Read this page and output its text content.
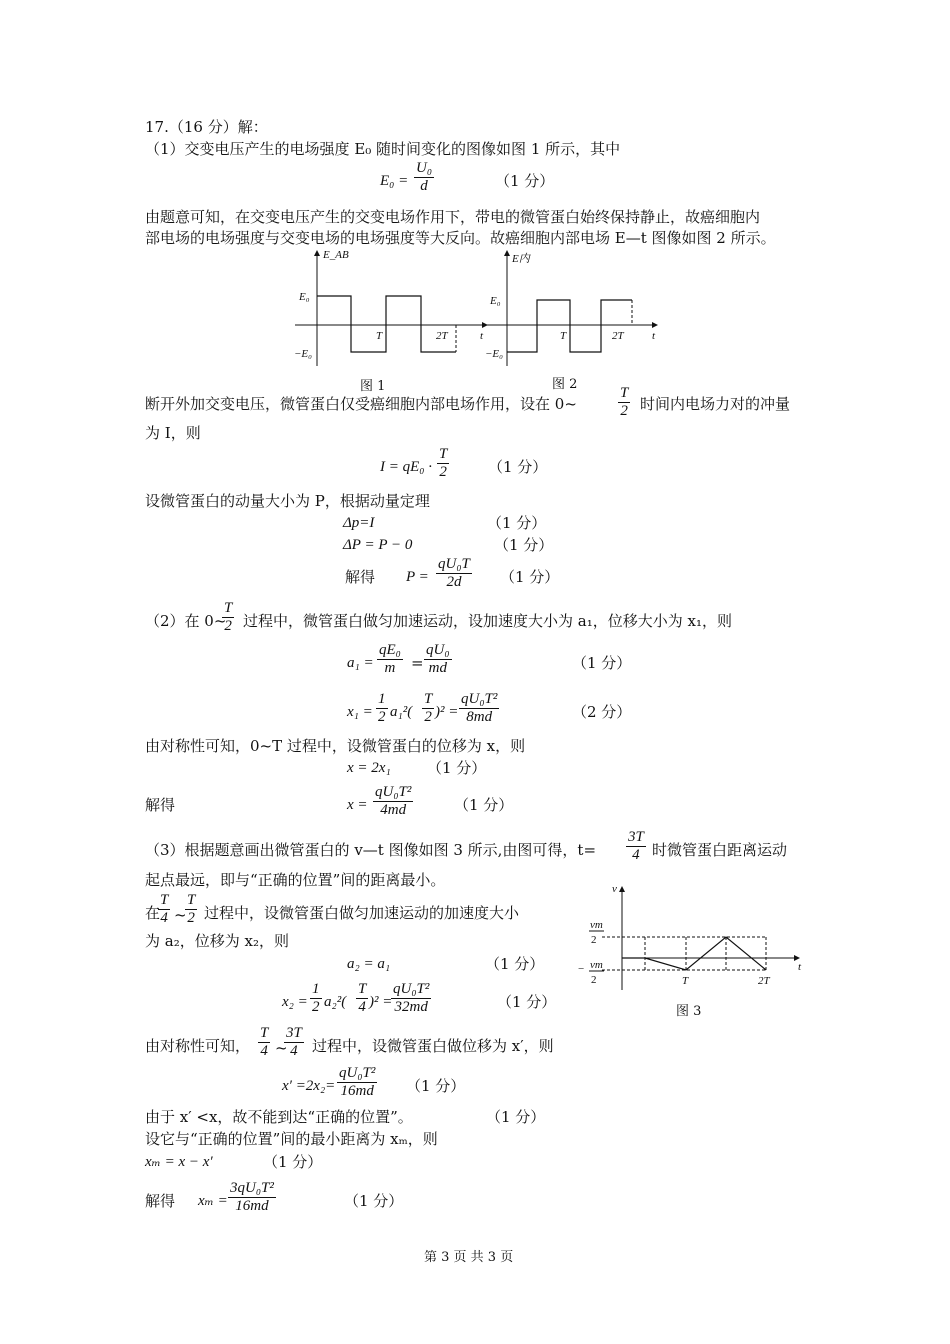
17.（16 分）解：
（1）交变电压产生的电场强度 E₀ 随时间变化的图像如图 1 所示，其中
$E_0 = \frac{\text{U₀}}{d}$	（1 分）
由题意可知，在交变电压产生的交变电场作用下，带电的微管蛋白始终保持静止，故癌细胞内
部电场的电场强度与交变电场的电场强度等大反向。故癌细胞内部电场 E—t 图像如图 2 所示。
E_AB
E₀
−E₀
T	2T	t
图 1
E内
E₀
−E₀
T	2T	t
图 2
断开外加交变电压，微管蛋白仅受癌细胞内部电场作用，设在 0~	$\frac{T}{2}$ 时间内电场力对的冲量
为 I，则
$I = qE_0 \cdot \frac{T}{2}$	（1 分）
设微管蛋白的动量大小为 P，根据动量定理
Δp=I	（1 分）
ΔP = P − 0	（1 分）
解得 $P = \frac{\text{qU₀T}}{2d} (1$ 分）
（2）在 0~
$\frac{T}{2}$ 过程中，微管蛋白做匀加速运动，设加速度大小为 a₁，位移大小为 x₁，则
$a_1 = \frac{\text{qE₀}}{m} = \frac{\text{qU₀}}{md}$	（1 分）
$x_1 = \frac{1}{2} a_1^2( \frac{T}{2} )^2 = \frac{\text{qU₀T²}}{8md}$	（2 分）
由对称性可知，0~T 过程中，设微管蛋白的位移为 x，则
x = 2x₁ （1 分）
解得	$x = \frac{\text{qU₀T²}}{4md}$	（1 分）
（3）根据题意画出微管蛋白的 v—t 图像如图 3 所示,由图可得，$t= \frac{3T}{4}$ 时微管蛋白距离运动
起点最远，即与“正确的位置”间的距离最小。
在
$\frac{T}{4}$ ~
$\frac{T}{2}$ 过程中，设微管蛋白做匀加速运动的加速度大小
为 a₂，位移为 x₂，则
a₂ = a₁	（1 分）
$x_2 = \frac{1}{2} a_2^2( \frac{T}{4} )^2$ =
$\frac{\text{qU₀T²}}{32md}$	（1 分）
v
vm
2
− vm
2	T	2T
t
图 3
由对称性可知， $\frac{T}{4}$ ~
$\frac{3T}{4}$ 过程中，设微管蛋白做位移为 x′，则
$x' =2x_2= \frac{\text{qU₀T²}}{16md} (1$ 分）
由于 x′ <x，故不能到达“正确的位置”。	（1 分）
设它与“正确的位置”间的最小距离为 xₘ，则
xₘ = x − x′	（1 分）
解得 $x_m = \frac{\text{3qU₀T²}}{16md}$	（1 分）
第 3 页 共 3 页
